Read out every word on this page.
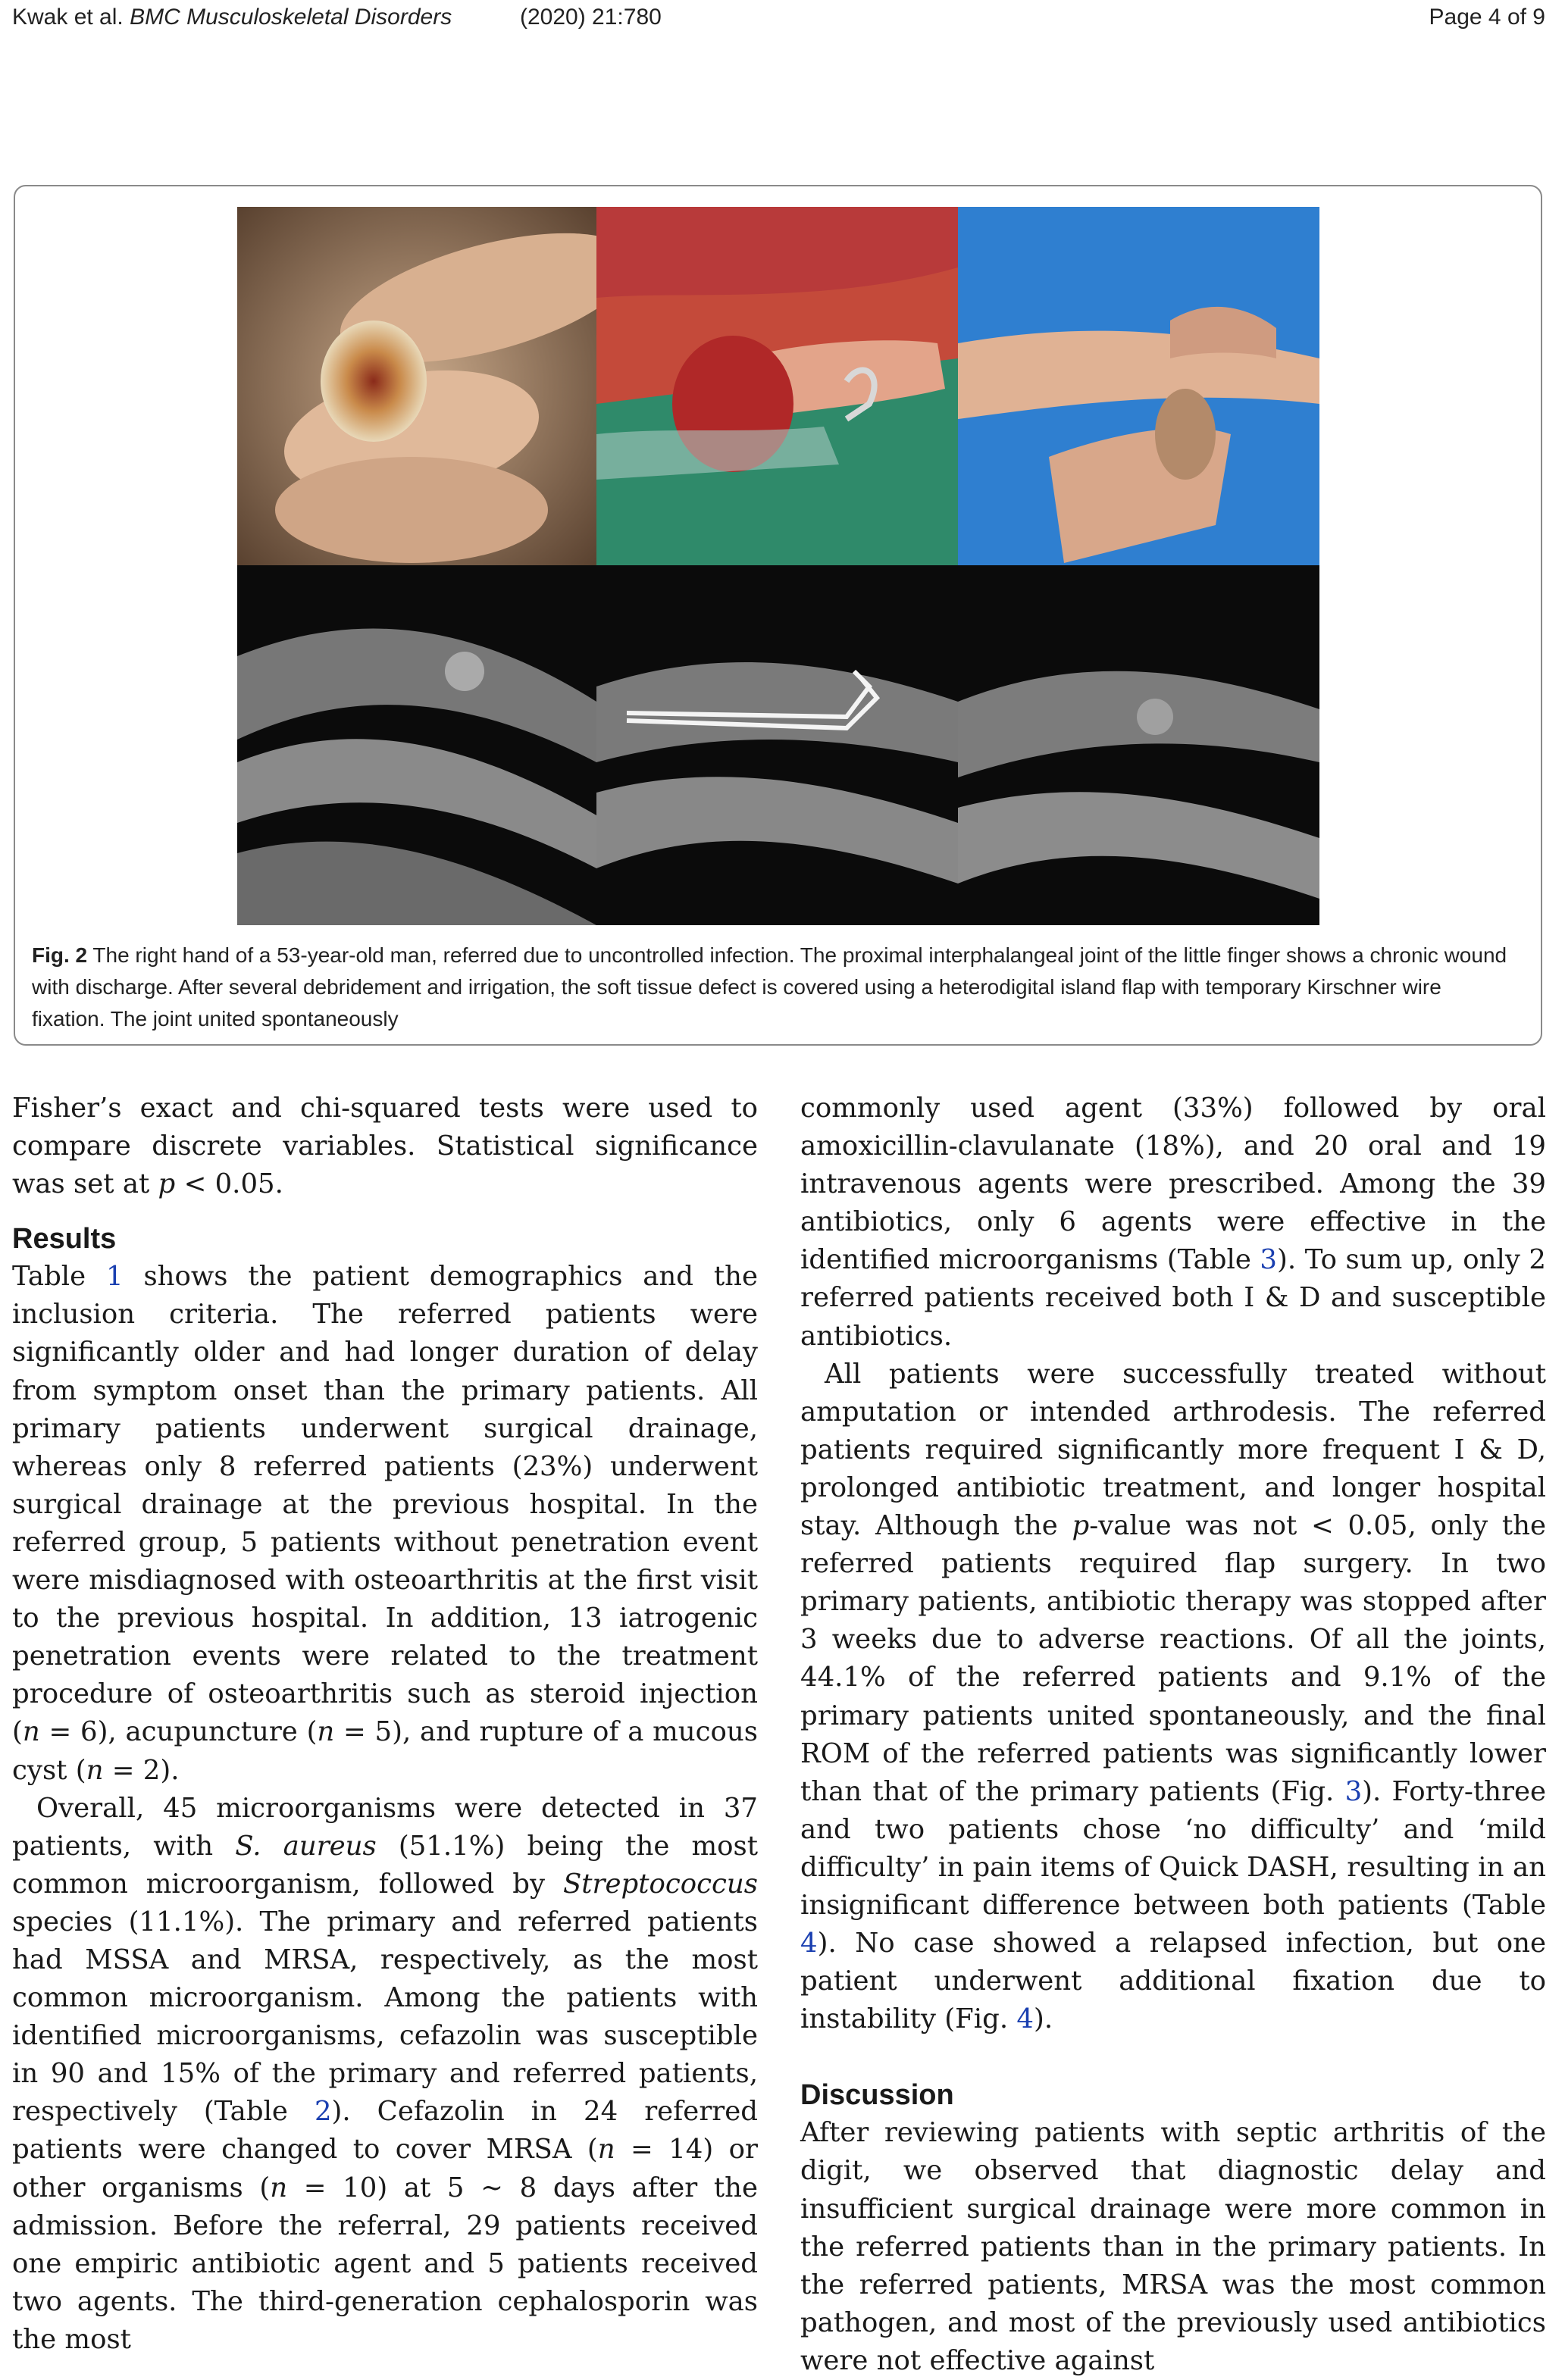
Kwak et al. BMC Musculoskeletal Disorders	(2020) 21:780	Page 4 of 9
Fig. 2 The right hand of a 53-year-old man, referred due to uncontrolled infection. The proximal interphalangeal joint of the little finger shows a chronic wound with discharge. After several debridement and irrigation, the soft tissue defect is covered using a heterodigital island flap with temporary Kirschner wire fixation. The joint united spontaneously

Fisher’s exact and chi-squared tests were used to compare discrete variables. Statistical significance was set at p < 0.05.

Results

Table 1 shows the patient demographics and the inclusion criteria. The referred patients were significantly older and had longer duration of delay from symptom onset than the primary patients. All primary patients underwent surgical drainage, whereas only 8 referred patients (23%) underwent surgical drainage at the previous hospital. In the referred group, 5 patients without penetration event were misdiagnosed with osteoarthritis at the first visit to the previous hospital. In addition, 13 iatrogenic penetration events were related to the treatment procedure of osteoarthritis such as steroid injection (n = 6), acupuncture (n = 5), and rupture of a mucous cyst (n = 2).

Overall, 45 microorganisms were detected in 37 patients, with S. aureus (51.1%) being the most common microorganism, followed by Streptococcus species (11.1%). The primary and referred patients had MSSA and MRSA, respectively, as the most common microorganism. Among the patients with identified microorganisms, cefazolin was susceptible in 90 and 15% of the primary and referred patients, respectively (Table 2). Cefazolin in 24 referred patients were changed to cover MRSA (n = 14) or other organisms (n = 10) at 5 ~ 8 days after the admission. Before the referral, 29 patients received one empiric antibiotic agent and 5 patients received two agents. The third-generation cephalosporin was the most

commonly used agent (33%) followed by oral amoxicillin-clavulanate (18%), and 20 oral and 19 intravenous agents were prescribed. Among the 39 antibiotics, only 6 agents were effective in the identified microorganisms (Table 3). To sum up, only 2 referred patients received both I & D and susceptible antibiotics.

All patients were successfully treated without amputation or intended arthrodesis. The referred patients required significantly more frequent I & D, prolonged antibiotic treatment, and longer hospital stay. Although the p-value was not < 0.05, only the referred patients required flap surgery. In two primary patients, antibiotic therapy was stopped after 3 weeks due to adverse reactions. Of all the joints, 44.1% of the referred patients and 9.1% of the primary patients united spontaneously, and the final ROM of the referred patients was significantly lower than that of the primary patients (Fig. 3). Forty-three and two patients chose ‘no difficulty’ and ‘mild difficulty’ in pain items of Quick DASH, resulting in an insignificant difference between both patients (Table 4). No case showed a relapsed infection, but one patient underwent additional fixation due to instability (Fig. 4).

Discussion

After reviewing patients with septic arthritis of the digit, we observed that diagnostic delay and insufficient surgical drainage were more common in the referred patients than in the primary patients. In the referred patients, MRSA was the most common pathogen, and most of the previously used antibiotics were not effective against
